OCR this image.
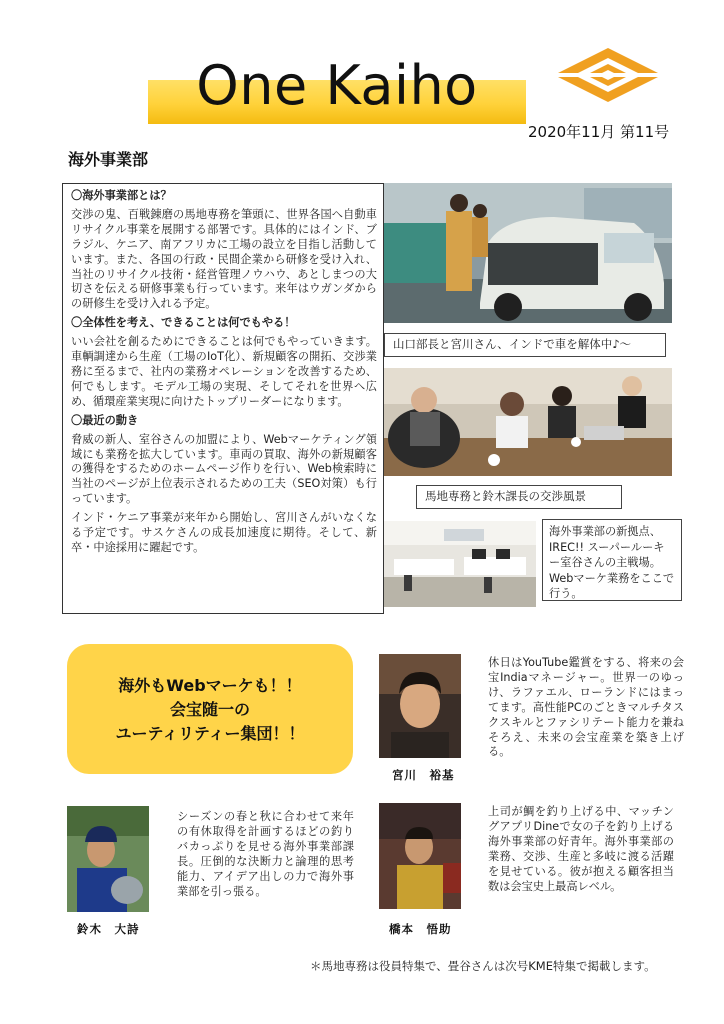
One Kaiho
2020年11月 第11号
海外事業部
〇海外事業部とは？

交渉の鬼、百戦錬磨の馬地専務を筆頭に、世界各国へ自動車リサイクル事業を展開する部署です。具体的にはインド、ブラジル、ケニア、南アフリカに工場の設立を目指し活動しています。また、各国の行政・民間企業から研修を受け入れ、当社のリサイクル技術・経営管理ノウハウ、あとしまつの大切さを伝える研修事業も行っています。来年はウガンダからの研修生を受け入れる予定。

〇全体性を考え、できることは何でもやる！

いい会社を創るためにできることは何でもやっていきます。車輌調達から生産（工場のIoT化）、新規顧客の開拓、交渉業務に至るまで、社内の業務オペレーションを改善するため、何でもします。モデル工場の実現、そしてそれを世界へ広め、循環産業実現に向けたトップリーダーになります。

〇最近の動き

脅威の新人、室谷さんの加盟により、Webマーケティング領域にも業務を拡大しています。車両の買取、海外の新規顧客の獲得をするためのホームページ作りを行い、Web検索時に当社のページが上位表示されるための工夫（SEO対策）も行っています。

インド・ケニア事業が来年から開始し、宮川さんがいなくなる予定です。サスケさんの成長加速度に期待。そして、新卒・中途採用に躍起です。

山口部長と宮川さん、インドで車を解体中♪～
馬地専務と鈴木課長の交渉風景
海外事業部の新拠点、IREC!! スーパールーキー室谷さんの主戦場。Webマーケ業務をここで行う。
海外もWebマーケも！！
会宝随一の
ユーティリティー集団！！
休日はYouTube鑑賞をする、将来の会宝Indiaマネージャー。世界一のゆっけ、ラファエル、ローランドにはまってます。高性能PCのごときマルチタスクスキルとファシリテート能力を兼ねそろえ、未来の会宝産業を築き上げる。
宮川　裕基
シーズンの春と秋に合わせて来年の有休取得を計画するほどの釣りバカっぷりを見せる海外事業部課長。圧倒的な決断力と論理的思考能力、アイデア出しの力で海外事業部を引っ張る。
鈴木　大詩
上司が鯛を釣り上げる中、マッチングアプリDineで女の子を釣り上げる海外事業部の好青年。海外事業部の業務、交渉、生産と多岐に渡る活躍を見せている。彼が抱える顧客担当数は会宝史上最高レベル。
橋本　悟助
＊馬地専務は役員特集で、畳谷さんは次号KME特集で掲載します。
